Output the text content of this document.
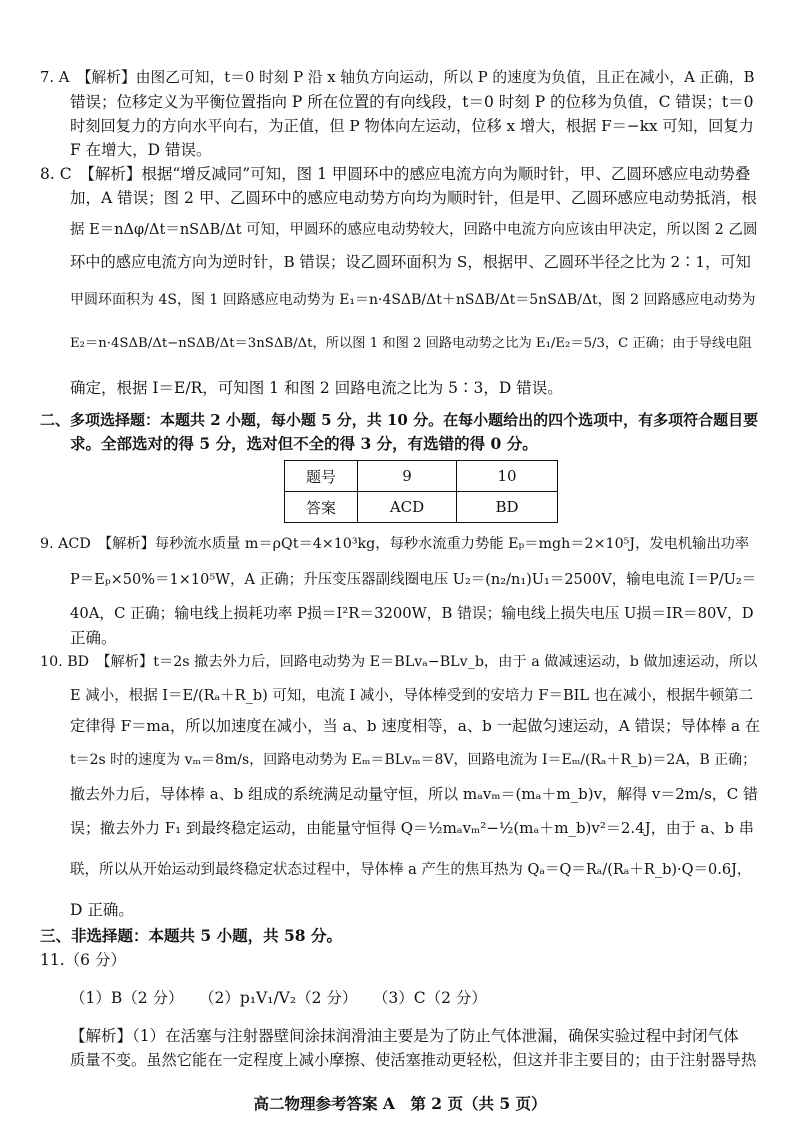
7. A　【解析】由图乙可知，t＝0 时刻 P 沿 x 轴负方向运动，所以 P 的速度为负值，且正在减小，A 正确，B
错误；位移定义为平衡位置指向 P 所在位置的有向线段，t＝0 时刻 P 的位移为负值，C 错误；t＝0
时刻回复力的方向水平向右，为正值，但 P 物体向左运动，位移 x 增大，根据 F＝−kx 可知，回复力
F 在增大，D 错误。
8. C　【解析】根据“增反减同”可知，图 1 甲圆环中的感应电流方向为顺时针，甲、乙圆环感应电动势叠
加，A 错误；图 2 甲、乙圆环中的感应电动势方向均为顺时针，但是甲、乙圆环感应电动势抵消，根
据 E＝nΔφ/Δt＝nSΔB/Δt 可知，甲圆环的感应电动势较大，回路中电流方向应该由甲决定，所以图 2 乙圆
环中的感应电流方向为逆时针，B 错误；设乙圆环面积为 S，根据甲、乙圆环半径之比为 2∶1，可知
甲圆环面积为 4S，图 1 回路感应电动势为 E₁＝n·4SΔB/Δt＋nSΔB/Δt＝5nSΔB/Δt，图 2 回路感应电动势为
E₂＝n·4SΔB/Δt−nSΔB/Δt＝3nSΔB/Δt，所以图 1 和图 2 回路电动势之比为 E₁/E₂＝5/3，C 正确；由于导线电阻
确定，根据 I＝E/R，可知图 1 和图 2 回路电流之比为 5∶3，D 错误。
二、多项选择题：本题共 2 小题，每小题 5 分，共 10 分。在每小题给出的四个选项中，有多项符合题目要
求。全部选对的得 5 分，选对但不全的得 3 分，有选错的得 0 分。
9. ACD　【解析】每秒流水质量 m＝ρQt＝4×10³kg，每秒水流重力势能 Eₚ＝mgh＝2×10⁵J，发电机输出功率
P＝Eₚ×50%＝1×10⁵W，A 正确；升压变压器副线圈电压 U₂＝(n₂/n₁)U₁＝2500V，输电电流 I＝P/U₂＝
40A，C 正确；输电线上损耗功率 P损＝I²R＝3200W，B 错误；输电线上损失电压 U损＝IR＝80V，D
正确。
10. BD　【解析】t＝2s 撤去外力后，回路电动势为 E＝BLvₐ−BLv_b，由于 a 做减速运动，b 做加速运动，所以
E 减小，根据 I＝E/(Rₐ＋R_b) 可知，电流 I 减小，导体棒受到的安培力 F＝BIL 也在减小，根据牛顿第二
定律得 F＝ma，所以加速度在减小，当 a、b 速度相等，a、b 一起做匀速运动，A 错误；导体棒 a 在
t＝2s 时的速度为 vₘ＝8m/s，回路电动势为 Eₘ＝BLvₘ＝8V，回路电流为 I＝Eₘ/(Rₐ＋R_b)＝2A，B 正确；
撤去外力后，导体棒 a、b 组成的系统满足动量守恒，所以 mₐvₘ＝(mₐ＋m_b)v，解得 v＝2m/s，C 错
误；撤去外力 F₁ 到最终稳定运动，由能量守恒得 Q＝½mₐvₘ²−½(mₐ＋m_b)v²＝2.4J，由于 a、b 串
联，所以从开始运动到最终稳定状态过程中，导体棒 a 产生的焦耳热为 Qₐ＝Q＝Rₐ/(Rₐ＋R_b)·Q＝0.6J，
D 正确。
三、非选择题：本题共 5 小题，共 58 分。
11.（6 分）
（1）B（2 分）　　（2）p₁V₁/V₂（2 分）　　（3）C（2 分）
【解析】（1）在活塞与注射器壁间涂抹润滑油主要是为了防止气体泄漏，确保实验过程中封闭气体
质量不变。虽然它能在一定程度上减小摩擦、使活塞推动更轻松，但这并非主要目的；由于注射器导热
题号	9	10
答案	ACD	BD
高二物理参考答案 A　第 2 页（共 5 页）
